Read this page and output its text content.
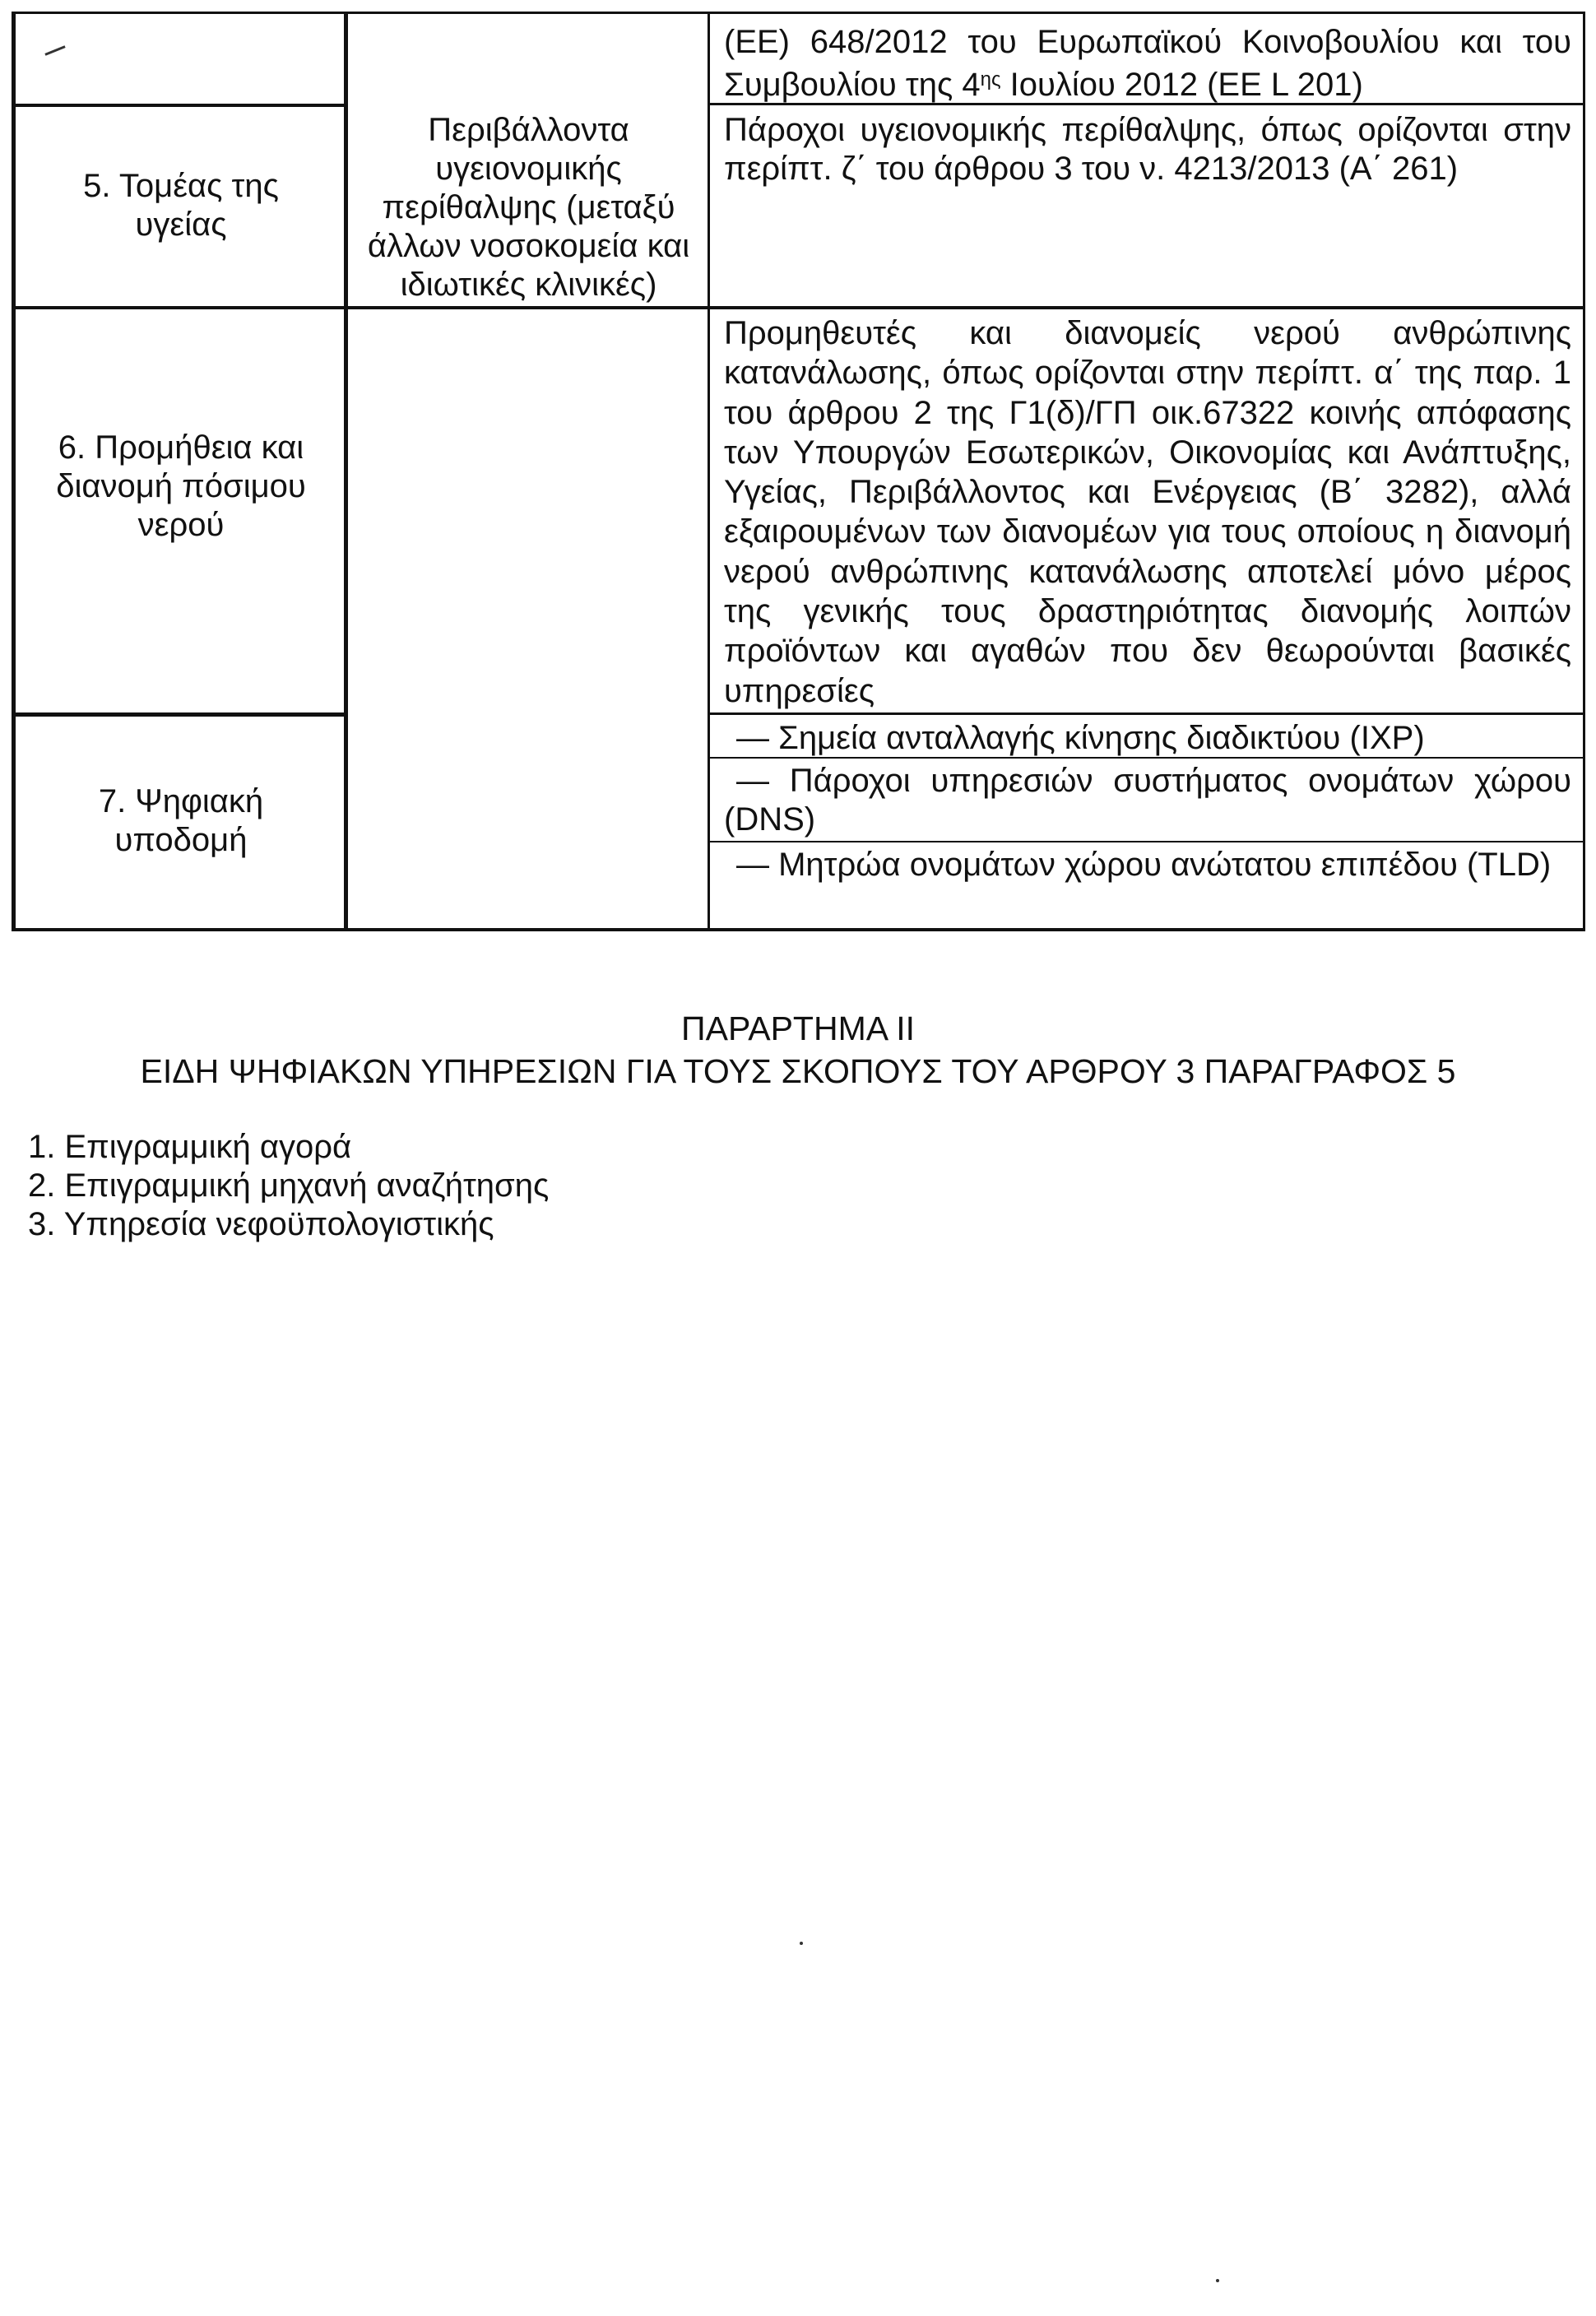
(ΕΕ) 648/2012 του Ευρωπαϊκού Κοινοβουλίου και του
Συμβουλίου της $4^{\eta\varsigma}$ Ιουλίου 2012 (ΕΕ L 201)
5. Τομέας της υγείας
Περιβάλλοντα υγειονομικής περίθαλψης (μεταξύ άλλων νοσοκομεία και ιδιωτικές κλινικές)
Πάροχοι υγειονομικής περίθαλψης, όπως ορίζονται στην περίπτ. ζ΄ του άρθρου 3 του ν. 4213/2013 (Α΄ 261)
6. Προμήθεια και διανομή πόσιμου νερού
Προμηθευτές και διανομείς νερού ανθρώπινης κατανάλωσης, όπως ορίζονται στην περίπτ. α΄ της παρ. 1 του άρθρου 2 της Γ1(δ)/ΓΠ οικ.67322 κοινής απόφασης των Υπουργών Εσωτερικών, Οικονομίας και Ανάπτυξης, Υγείας, Περιβάλλοντος και Ενέργειας (Β΄ 3282), αλλά εξαιρουμένων των διανομέων για τους οποίους η διανομή νερού ανθρώπινης κατανάλωσης αποτελεί μόνο μέρος της γενικής τους δραστηριότητας διανομής λοιπών προϊόντων και αγαθών που δεν θεωρούνται βασικές υπηρεσίες
7. Ψηφιακή υποδομή
— Σημεία ανταλλαγής κίνησης διαδικτύου (IXP)
— Πάροχοι υπηρεσιών συστήματος ονομάτων χώρου (DNS)
— Μητρώα ονομάτων χώρου ανώτατου επιπέδου (TLD)
ΠΑΡΑΡΤΗΜΑ ΙΙ
ΕΙΔΗ ΨΗΦΙΑΚΩΝ ΥΠΗΡΕΣΙΩΝ ΓΙΑ ΤΟΥΣ ΣΚΟΠΟΥΣ ΤΟΥ ΑΡΘΡΟΥ 3 ΠΑΡΑΓΡΑΦΟΣ 5
1. Επιγραμμική αγορά
2. Επιγραμμική μηχανή αναζήτησης
3. Υπηρεσία νεφοϋπολογιστικής
